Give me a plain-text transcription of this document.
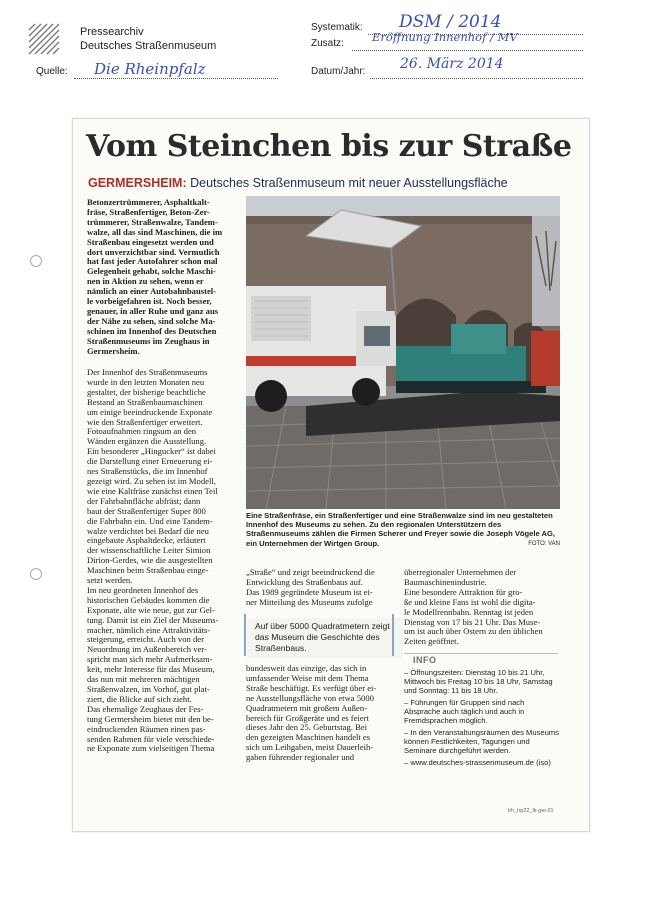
Pressearchiv
Deutsches Straßenmuseum
Quelle: Die Rheinpfalz
Systematik: DSM / 2014
Zusatz: Eröffnung Innenhof / MV
Datum/Jahr: 26. März 2014
Vom Steinchen bis zur Straße
GERMERSHEIM: Deutsches Straßenmuseum mit neuer Ausstellungsfläche
Betonzertrümmerer, Asphaltkalt-
fräse, Straßenfertiger, Beton-Zer-
trümmerer, Straßenwalze, Tandem-
walze, all das sind Maschinen, die im
Straßenbau eingesetzt werden und
dort unverzichtbar sind. Vermutlich
hat fast jeder Autofahrer schon mal
Gelegenheit gehabt, solche Maschi-
nen in Aktion zu sehen, wenn er
nämlich an einer Autobahnbaustel-
le vorbeigefahren ist. Noch besser,
genauer, in aller Ruhe und ganz aus
der Nähe zu sehen, sind solche Ma-
schinen im Innenhof des Deutschen
Straßenmuseums im Zeughaus in
Germersheim.
Der Innenhof des Straßenmuseums
wurde in den letzten Monaten neu
gestaltet, der bisherige beachtliche
Bestand an Straßenbaumaschinen
um einige beeindruckende Exponate
wie den Straßenfertiger erweitert.
Fotoaufnahmen ringsum an den
Wänden ergänzen die Ausstellung.
Ein besonderer „Hingucker“ ist dabei
die Darstellung einer Erneuerung ei-
nes Straßenstücks, die im Innenhof
gezeigt wird. Zu sehen ist im Modell,
wie eine Kaltfräse zunächst einen Teil
der Fahrbahnfläche abfräst; dann
baut der Straßenfertiger Super 800
die Fahrbahn ein. Und eine Tandem-
walze verdichtet bei Bedarf die neu
eingebaute Asphaltdecke, erläutert
der wissenschaftliche Leiter Simion
Dirion-Gerdes, wie die ausgestellten
Maschinen beim Straßenbau einge-
setzt werden.
Im neu geordneten Innenhof des
historischen Gebäudes kommen die
Exponate, alte wie neue, gut zur Gel-
tung. Damit ist ein Ziel der Museums-
macher, nämlich eine Attraktivitäts-
steigerung, erreicht. Auch von der
Neuordnung im Außenbereich ver-
spricht man sich mehr Aufmerksam-
keit, mehr Interesse für das Museum,
das nun mit mehreren mächtigen
Straßenwalzen, im Vorhof, gut plat-
ziert, die Blicke auf sich zieht.
Das ehemalige Zeughaus der Fes-
tung Germersheim bietet mit den be-
eindruckenden Räumen einen pas-
senden Rahmen für viele verschiede-
ne Exponate zum vielseitigen Thema
Eine Straßenfräse, ein Straßenfertiger und eine Straßenwalze sind im neu gestalteten Innenhof des Museums zu sehen. Zu den regionalen Unterstützern des Straßenmuseums zählen die Firmen Scherer und Freyer sowie die Joseph Vögele AG, ein Unternehmen der Wirtgen Group.	FOTO: VAN
„Straße“ und zeigt beeindruckend die
Entwicklung des Straßenbaus auf.
Das 1989 gegründete Museum ist ei-
ner Mitteilung des Museums zufolge
Auf über 5000 Quadratmetern zeigt das Museum die Geschichte des Straßenbaus.
bundesweit das einzige, das sich in
umfassender Weise mit dem Thema
Straße beschäftigt. Es verfügt über ei-
ne Ausstellungsfläche von etwa 5000
Quadratmetern mit großem Außen-
bereich für Großgeräte und es feiert
dieses Jahr den 25. Geburtstag. Bei
den gezeigten Maschinen handelt es
sich um Leihgaben, meist Dauerleih-
gaben führender regionaler und
überregionaler Unternehmen der
Baumaschinenindustrie.
Eine besondere Attraktion für gro-
ße und kleine Fans ist wohl die digita-
le Modellrennbahn. Renntag ist jeden
Dienstag von 17 bis 21 Uhr. Das Muse-
um ist auch über Ostern zu den üblichen
Zeiten geöffnet.
INFO
– Öffnungszeiten: Dienstag 10 bis 21 Uhr, Mittwoch bis Freitag 10 bis 18 Uhr, Samstag und Sonntag: 11 bis 18 Uhr.
– Führungen für Gruppen sind nach Absprache auch täglich und auch in Fremdsprachen möglich.
– In den Veranstaltungsräumen des Museums können Festlichkeiten, Tagungen und Seminare durchgeführt werden.
– www.deutsches-strassenmuseum.de (iso)
lrh_hp22_lk-ger.01
